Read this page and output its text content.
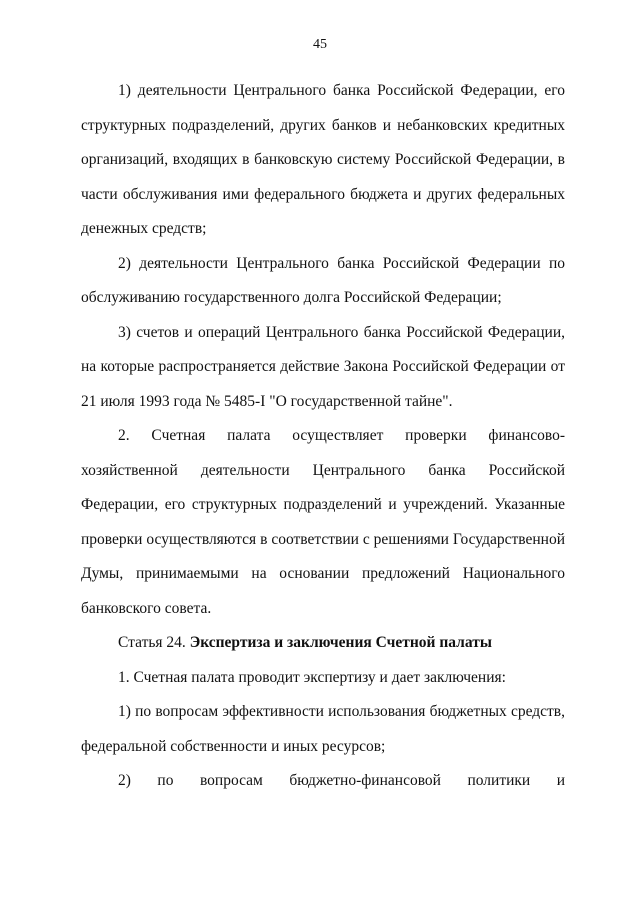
45

1) деятельности Центрального банка Российской Федерации, его структурных подразделений, других банков и небанковских кредитных организаций, входящих в банковскую систему Российской Федерации, в части обслуживания ими федерального бюджета и других федеральных денежных средств;

2) деятельности Центрального банка Российской Федерации по обслуживанию государственного долга Российской Федерации;

3) счетов и операций Центрального банка Российской Федерации, на которые распространяется действие Закона Российской Федерации от 21 июля 1993 года № 5485-I "О государственной тайне".

2. Счетная палата осуществляет проверки финансово-хозяйственной деятельности Центрального банка Российской Федерации, его структурных подразделений и учреждений. Указанные проверки осуществляются в соответствии с решениями Государственной Думы, принимаемыми на основании предложений Национального банковского совета.

Статья 24. Экспертиза и заключения Счетной палаты

1. Счетная палата проводит экспертизу и дает заключения:

1) по вопросам эффективности использования бюджетных средств, федеральной собственности и иных ресурсов;

2) по вопросам бюджетно-финансовой политики и
